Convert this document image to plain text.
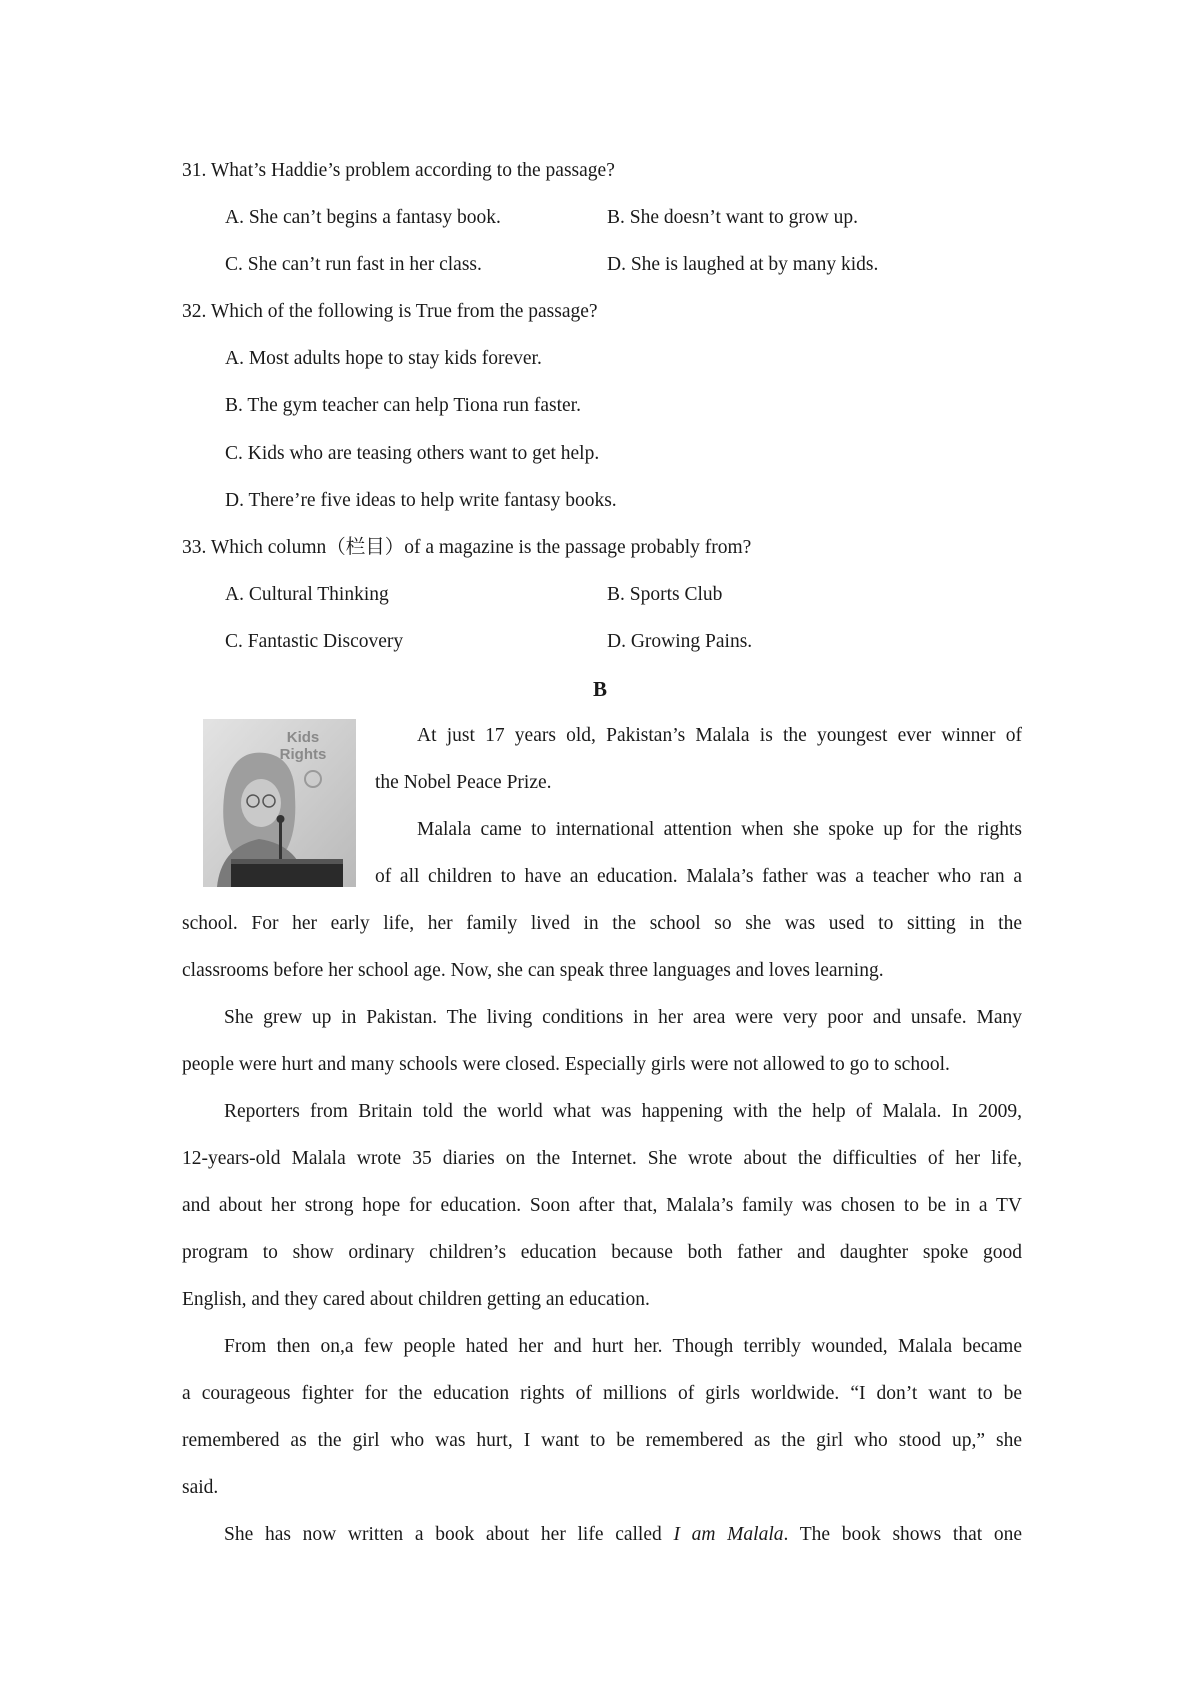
31. What’s Haddie’s problem according to the passage?
A. She can’t begins a fantasy book.	B. She doesn’t want to grow up.
C. She can’t run fast in her class.	D. She is laughed at by many kids.
32. Which of the following is True from the passage?
A. Most adults hope to stay kids forever.
B. The gym teacher can help Tiona run faster.
C. Kids who are teasing others want to get help.
D. There’re five ideas to help write fantasy books.
33. Which column（栏目）of a magazine is the passage probably from?
A. Cultural Thinking	B. Sports Club
C. Fantastic Discovery	D. Growing Pains.
B
Kids
Rights
At just 17 years old, Pakistan’s Malala is the youngest ever winner of
the Nobel Peace Prize.
Malala came to international attention when she spoke up for the rights
of all children to have an education. Malala’s father was a teacher who ran a
school. For her early life, her family lived in the school so she was used to sitting in the
classrooms before her school age. Now, she can speak three languages and loves learning.
She grew up in Pakistan. The living conditions in her area were very poor and unsafe. Many
people were hurt and many schools were closed. Especially girls were not allowed to go to school.
Reporters from Britain told the world what was happening with the help of Malala. In 2009,
12-years-old Malala wrote 35 diaries on the Internet. She wrote about the difficulties of her life,
and about her strong hope for education. Soon after that, Malala’s family was chosen to be in a TV
program to show ordinary children’s education because both father and daughter spoke good
English, and they cared about children getting an education.
From then on,a few people hated her and hurt her. Though terribly wounded, Malala became
a courageous fighter for the education rights of millions of girls worldwide. “I don’t want to be
remembered as the girl who was hurt, I want to be remembered as the girl who stood up,” she
said.
She has now written a book about her life called I am Malala. The book shows that one
